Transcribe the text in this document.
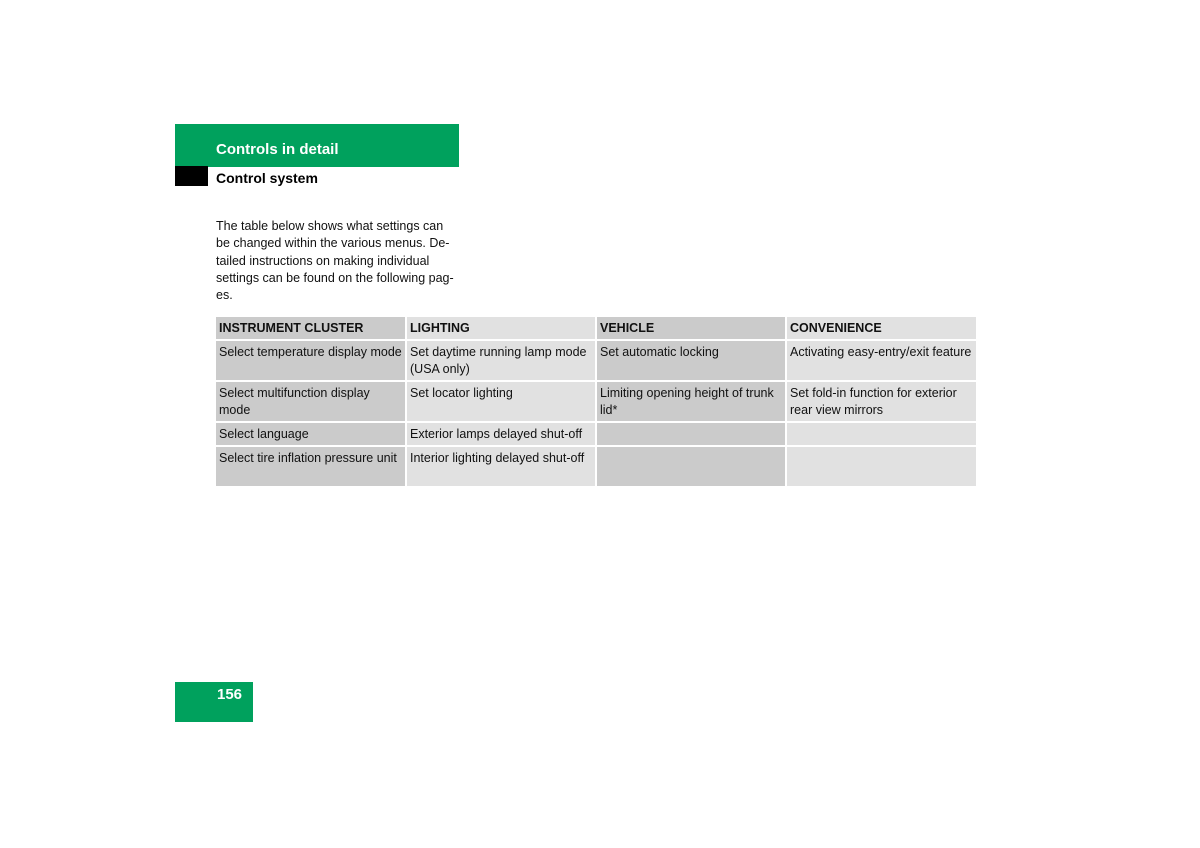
Controls in detail
Control system
The table below shows what settings can
be changed within the various menus. De-
tailed instructions on making individual
settings can be found on the following pag-
es.
INSTRUMENT CLUSTER	LIGHTING	VEHICLE	CONVENIENCE
Select temperature display mode	Set daytime running lamp mode (USA only)	Set automatic locking	Activating easy-entry/exit feature
Select multifunction display mode	Set locator lighting	Limiting opening height of trunk lid*	Set fold-in function for exterior rear view mirrors
Select language	Exterior lamps delayed shut-off		
Select tire inflation pressure unit	Interior lighting delayed shut-off		
156
